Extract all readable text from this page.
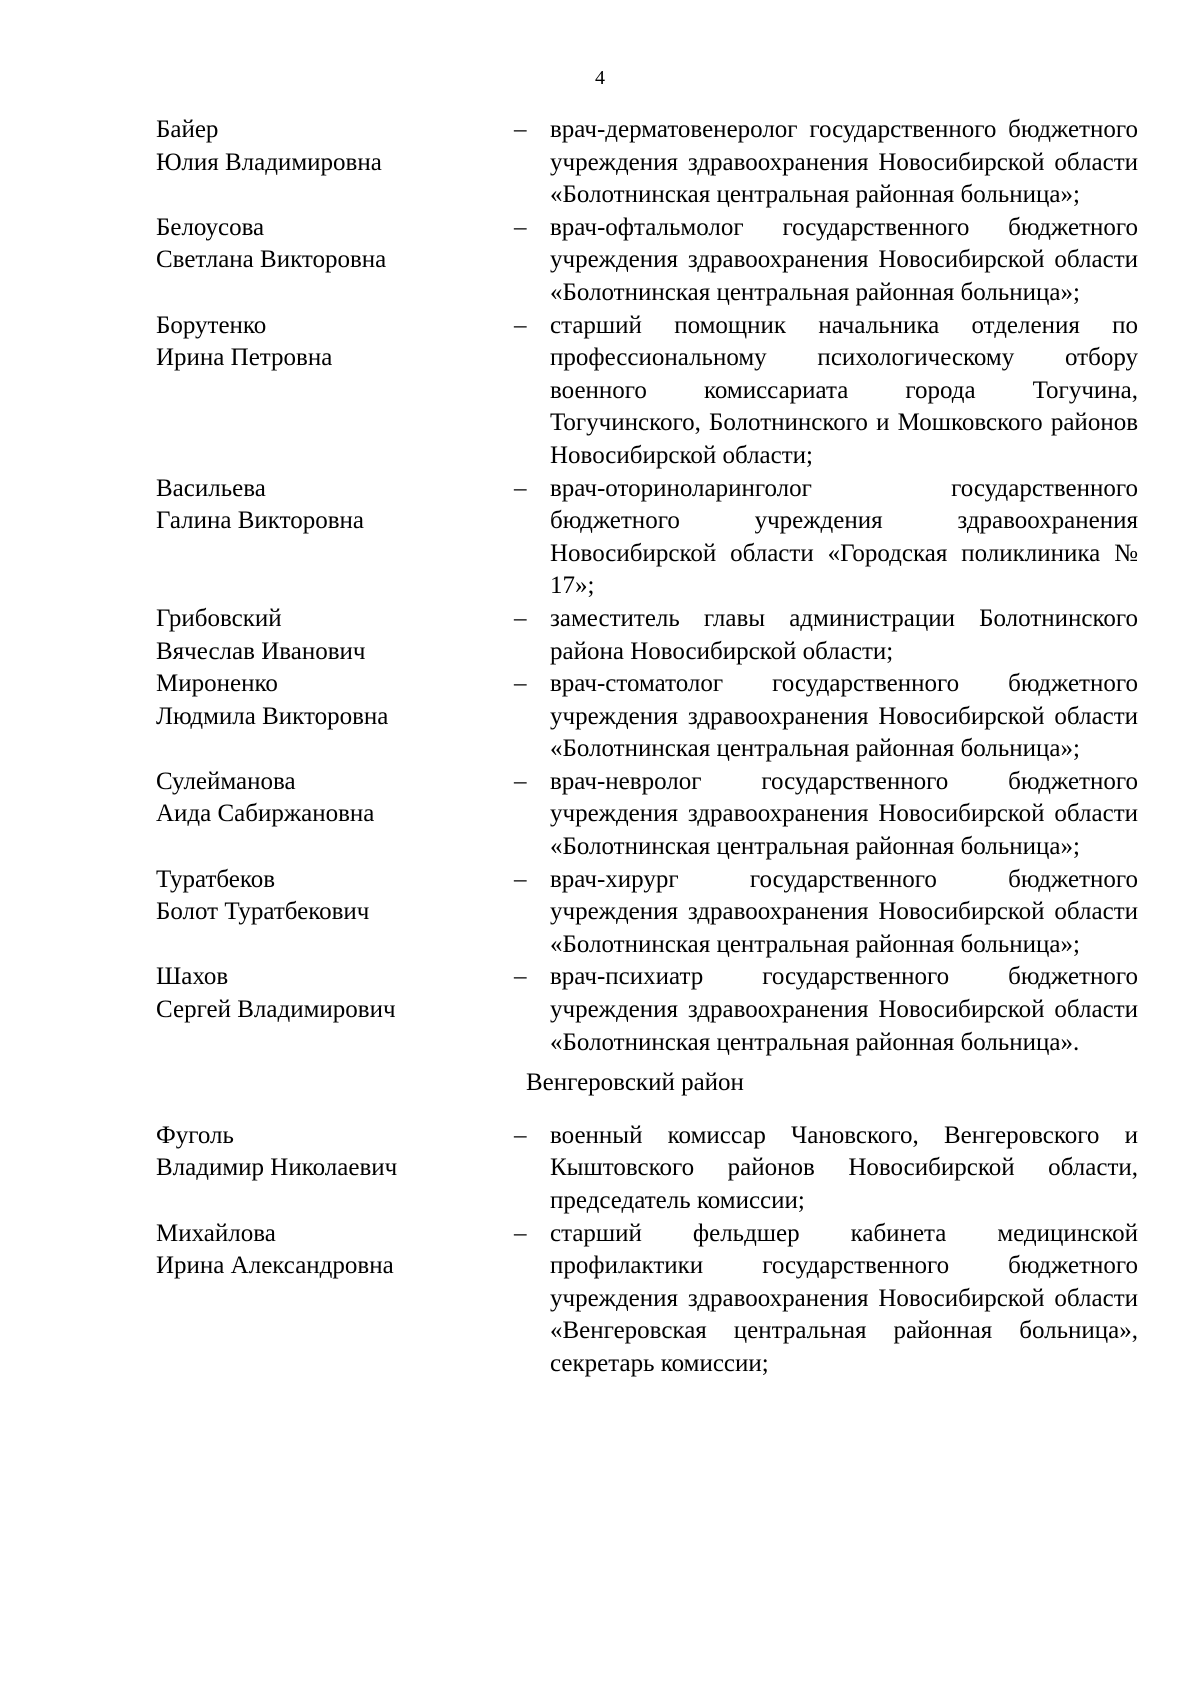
4
Байер
Юлия Владимировна
– врач-дерматовенеролог государственного бюджетного учреждения здравоохранения Новосибирской области «Болотнинская центральная районная больница»;
Белоусова
Светлана Викторовна
– врач-офтальмолог государственного бюджетного учреждения здравоохранения Новосибирской области «Болотнинская центральная районная больница»;
Борутенко
Ирина Петровна
– старший помощник начальника отделения по профессиональному психологическому отбору военного комиссариата города Тогучина, Тогучинского, Болотнинского и Мошковского районов Новосибирской области;
Васильева
Галина Викторовна
– врач-оториноларинголог государственного бюджетного учреждения здравоохранения Новосибирской области «Городская поликлиника № 17»;
Грибовский
Вячеслав Иванович
– заместитель главы администрации Болотнинского района Новосибирской области;
Мироненко
Людмила Викторовна
– врач-стоматолог государственного бюджетного учреждения здравоохранения Новосибирской области «Болотнинская центральная районная больница»;
Сулейманова
Аида Сабиржановна
– врач-невролог государственного бюджетного учреждения здравоохранения Новосибирской области «Болотнинская центральная районная больница»;
Туратбеков
Болот Туратбекович
– врач-хирург государственного бюджетного учреждения здравоохранения Новосибирской области «Болотнинская центральная районная больница»;
Шахов
Сергей Владимирович
– врач-психиатр государственного бюджетного учреждения здравоохранения Новосибирской области «Болотнинская центральная районная больница».
Венгеровский район
Фуголь
Владимир Николаевич
– военный комиссар Чановского, Венгеровского и Кыштовского районов Новосибирской области, председатель комиссии;
Михайлова
Ирина Александровна
– старший фельдшер кабинета медицинской профилактики государственного бюджетного учреждения здравоохранения Новосибирской области «Венгеровская центральная районная больница», секретарь комиссии;
